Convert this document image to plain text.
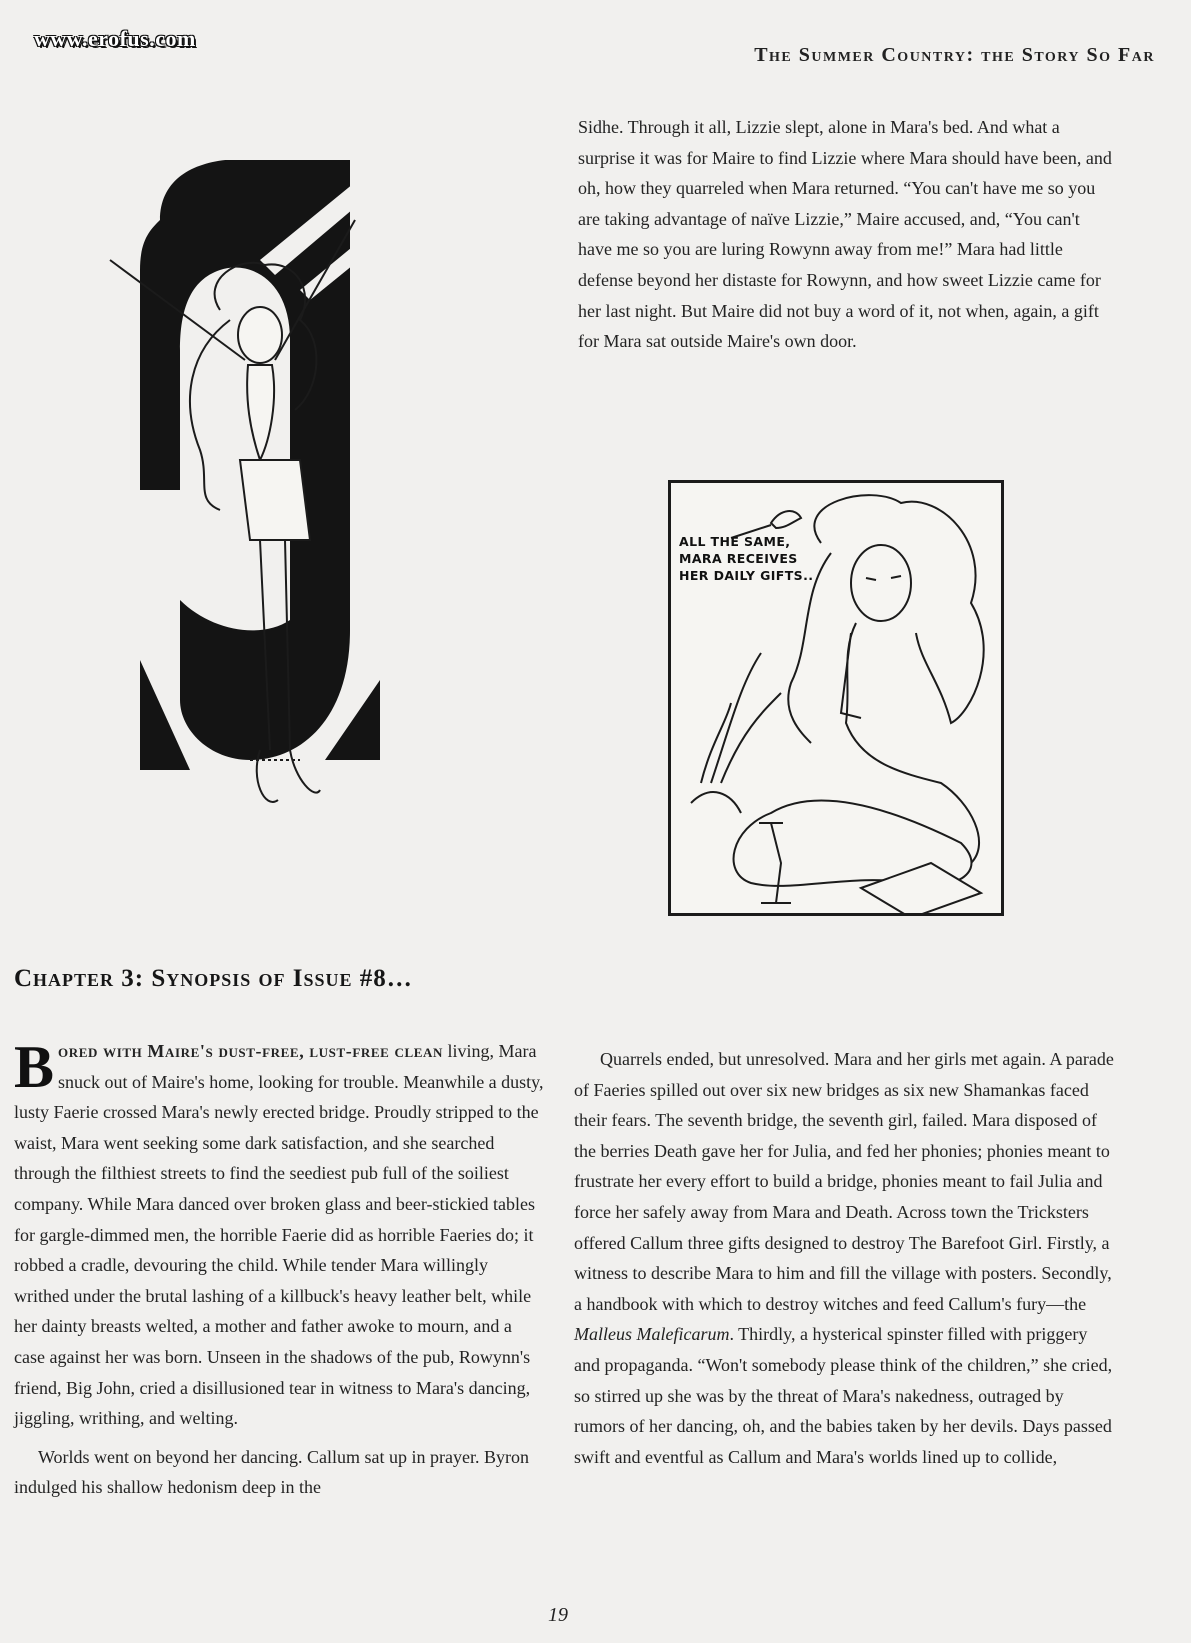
www.erofus.com
The Summer Country: the Story So Far

Sidhe. Through it all, Lizzie slept, alone in Mara's bed. And what a surprise it was for Maire to find Lizzie where Mara should have been, and oh, how they quarreled when Mara returned. “You can't have me so you are taking advantage of naïve Lizzie,” Maire accused, and, “You can't have me so you are luring Rowynn away from me!” Mara had little defense beyond her distaste for Rowynn, and how sweet Lizzie came for her last night. But Maire did not buy a word of it, not when, again, a gift for Mara sat outside Maire's own door.

ALL THE SAME, MARA RECEIVES HER DAILY GIFTS..
Chapter 3: Synopsis of Issue #8…

Bored with Maire's dust-free, lust-free clean living, Mara snuck out of Maire's home, looking for trouble. Meanwhile a dusty, lusty Faerie crossed Mara's newly erected bridge. Proudly stripped to the waist, Mara went seeking some dark satisfaction, and she searched through the filthiest streets to find the seediest pub full of the soiliest company. While Mara danced over broken glass and beer-stickied tables for gargle-dimmed men, the horrible Faerie did as horrible Faeries do; it robbed a cradle, devouring the child. While tender Mara willingly writhed under the brutal lashing of a killbuck's heavy leather belt, while her dainty breasts welted, a mother and father awoke to mourn, and a case against her was born. Unseen in the shadows of the pub, Rowynn's friend, Big John, cried a disillusioned tear in witness to Mara's dancing, jiggling, writhing, and welting.

Worlds went on beyond her dancing. Callum sat up in prayer. Byron indulged his shallow hedonism deep in the

Quarrels ended, but unresolved. Mara and her girls met again. A parade of Faeries spilled out over six new bridges as six new Shamankas faced their fears. The seventh bridge, the seventh girl, failed. Mara disposed of the berries Death gave her for Julia, and fed her phonies; phonies meant to frustrate her every effort to build a bridge, phonies meant to fail Julia and force her safely away from Mara and Death. Across town the Tricksters offered Callum three gifts designed to destroy The Barefoot Girl. Firstly, a witness to describe Mara to him and fill the village with posters. Secondly, a handbook with which to destroy witches and feed Callum's fury—the Malleus Maleficarum. Thirdly, a hysterical spinster filled with priggery and propaganda. “Won't somebody please think of the children,” she cried, so stirred up she was by the threat of Mara's nakedness, outraged by rumors of her dancing, oh, and the babies taken by her devils. Days passed swift and eventful as Callum and Mara's worlds lined up to collide,

19
